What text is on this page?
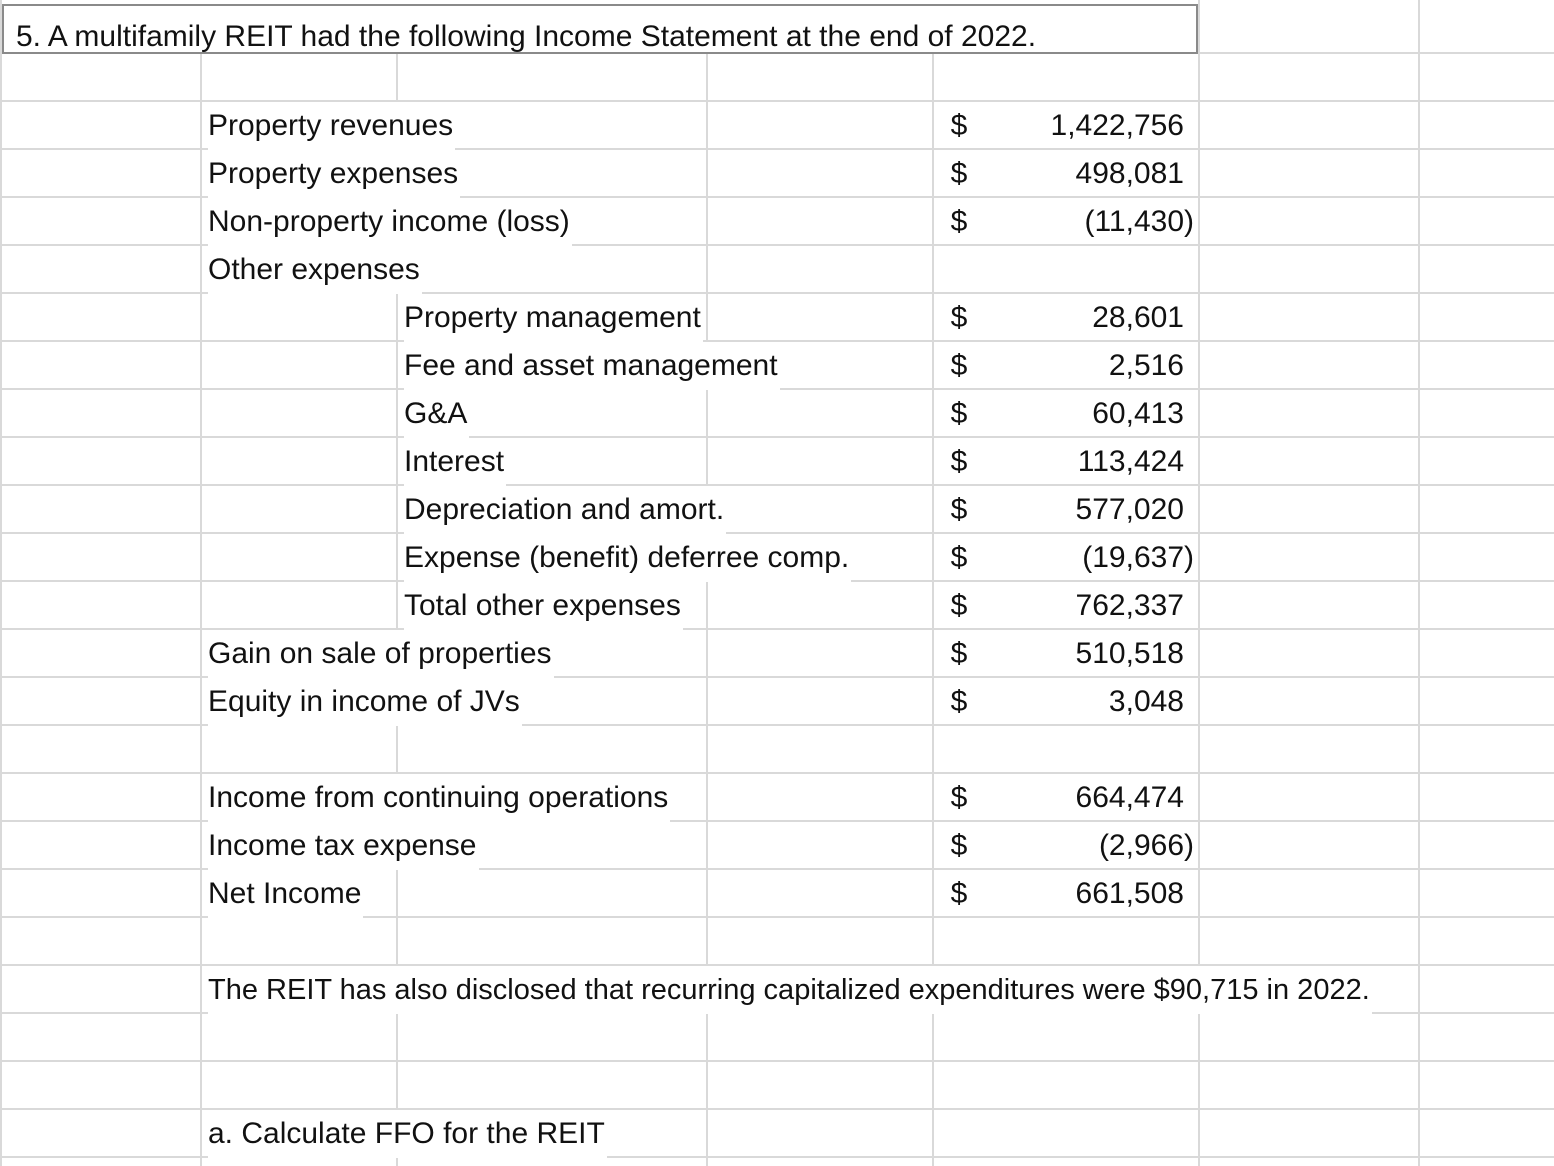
5. A multifamily REIT had the following Income Statement at the end of 2022.
Property revenues	$	1,422,756
Property expenses	$	498,081
Non-property income (loss)	$	(11,430)
Other expenses
Property management	$	28,601
Fee and asset management	$	2,516
G&A	$	60,413
Interest	$	113,424
Depreciation and amort.	$	577,020
Expense (benefit) deferree comp.	$	(19,637)
Total other expenses	$	762,337
Gain on sale of properties	$	510,518
Equity in income of JVs	$	3,048
Income from continuing operations	$	664,474
Income tax expense	$	(2,966)
Net Income	$	661,508
The REIT has also disclosed that recurring capitalized expenditures were $90,715 in 2022.
a. Calculate FFO for the REIT
